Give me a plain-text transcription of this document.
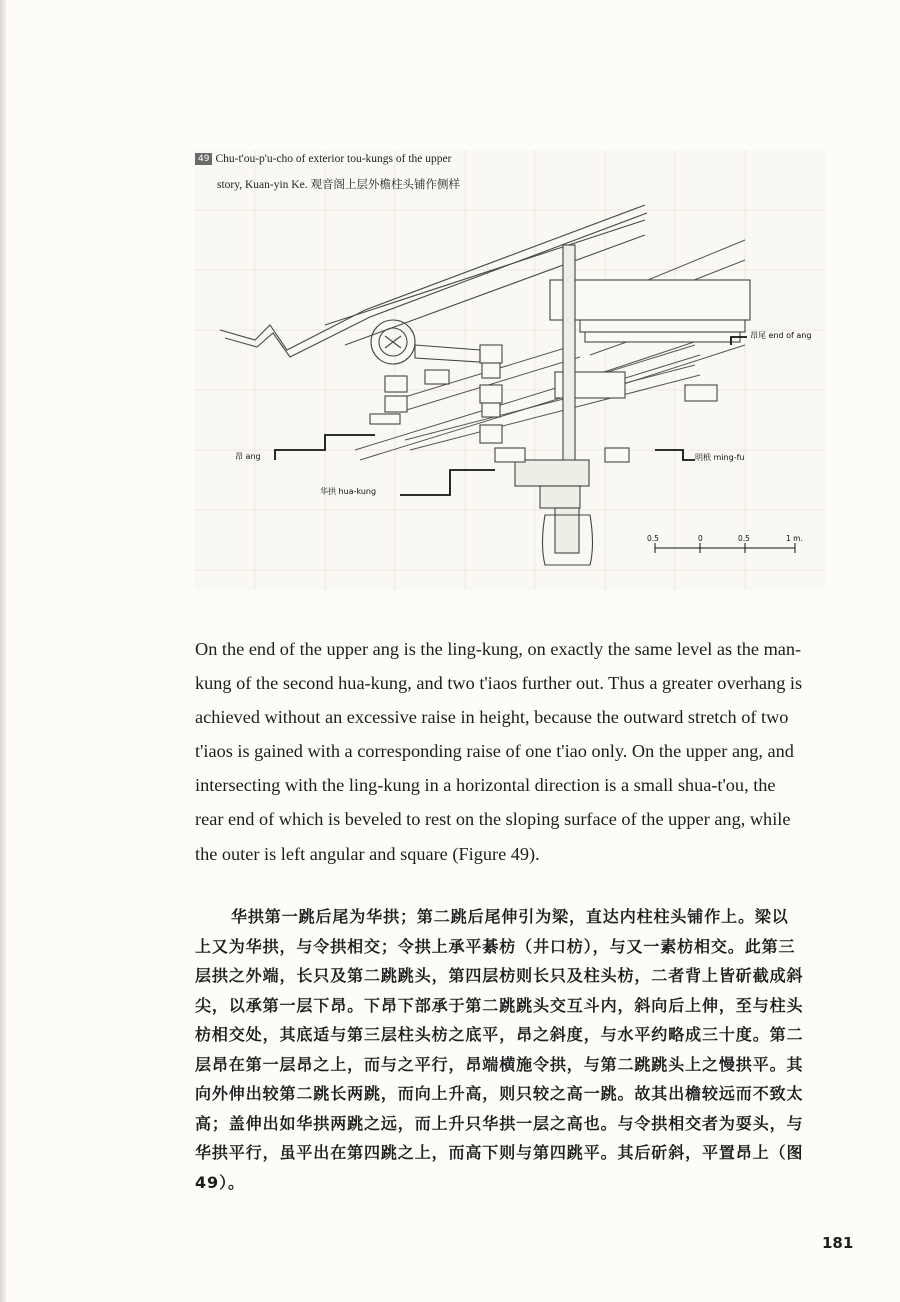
昂尾 end of ang
昂 ang	明栿 ming-fu
华拱 hua-kung
0.5	0	0.5	1 m.
49 Chu-t'ou-p'u-cho of exterior tou-kungs of the upper
story, Kuan-yin Ke. 观音阁上层外檐柱头铺作侧样

On the end of the upper ang is the ling-kung, on exactly the same level as the man-kung of the second hua-kung, and two t'iaos further out. Thus a greater overhang is achieved without an excessive raise in height, because the outward stretch of two t'iaos is gained with a corresponding raise of one t'iao only. On the upper ang, and intersecting with the ling-kung in a horizontal direction is a small shua-t'ou, the rear end of which is beveled to rest on the sloping surface of the upper ang, while the outer is left angular and square (Figure 49).

华拱第一跳后尾为华拱；第二跳后尾伸引为梁，直达内柱柱头铺作上。梁以上又为华拱，与令拱相交；令拱上承平綦枋（井口枋），与又一素枋相交。此第三层拱之外端，长只及第二跳跳头，第四层枋则长只及柱头枋，二者背上皆斫截成斜尖，以承第一层下昂。下昂下部承于第二跳跳头交互斗内，斜向后上伸，至与柱头枋相交处，其底适与第三层柱头枋之底平，昂之斜度，与水平约略成三十度。第二层昂在第一层昂之上，而与之平行，昂端横施令拱，与第二跳跳头上之慢拱平。其向外伸出较第二跳长两跳，而向上升高，则只较之高一跳。故其出檐较远而不致太高；盖伸出如华拱两跳之远，而上升只华拱一层之高也。与令拱相交者为耍头，与华拱平行，虽平出在第四跳之上，而高下则与第四跳平。其后斫斜，平置昂上（图49）。

181
